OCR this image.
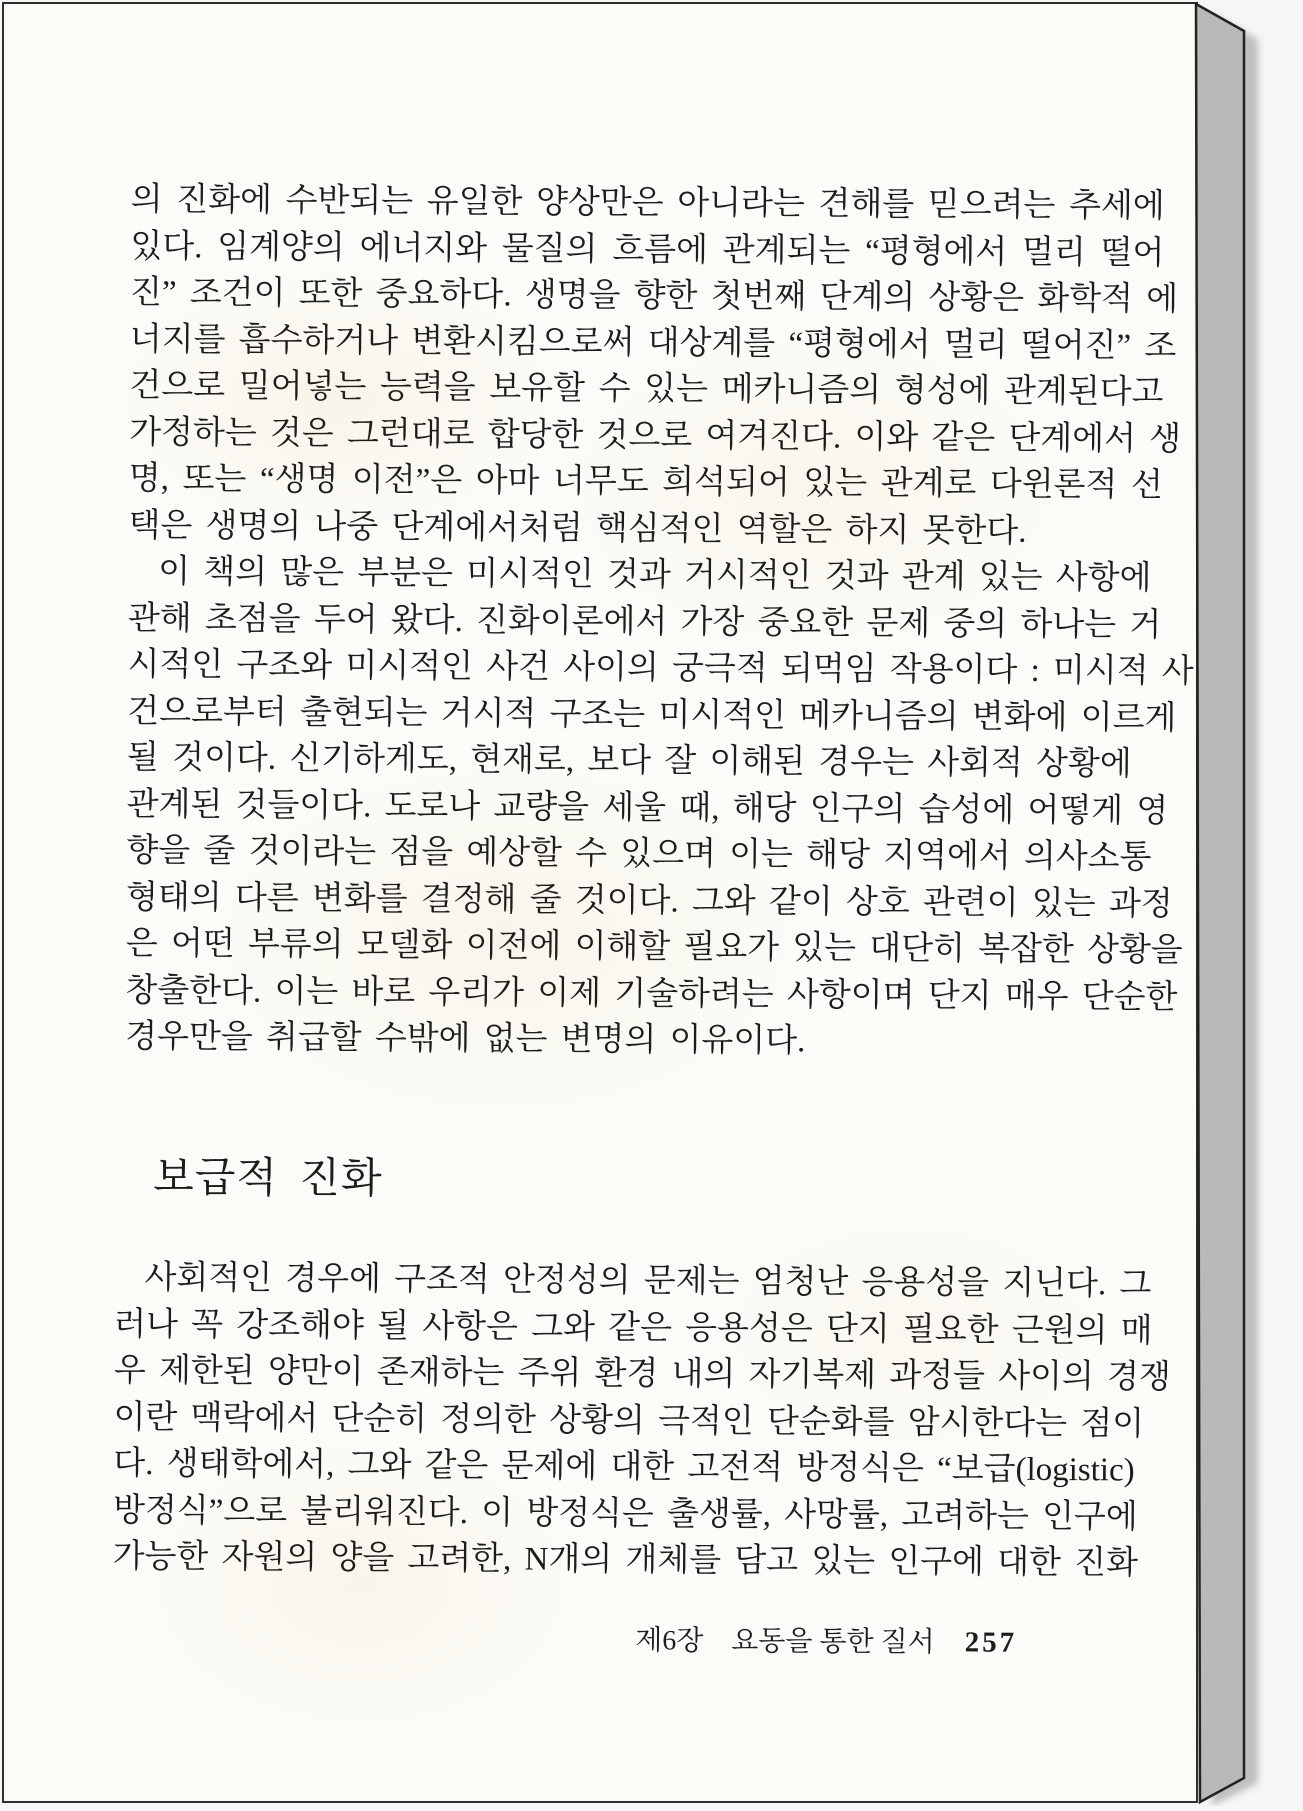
의 진화에 수반되는 유일한 양상만은 아니라는 견해를 믿으려는 추세에
있다. 임계양의 에너지와 물질의 흐름에 관계되는 “평형에서 멀리 떨어
진” 조건이 또한 중요하다. 생명을 향한 첫번째 단계의 상황은 화학적 에
너지를 흡수하거나 변환시킴으로써 대상계를 “평형에서 멀리 떨어진” 조
건으로 밀어넣는 능력을 보유할 수 있는 메카니즘의 형성에 관계된다고
가정하는 것은 그런대로 합당한 것으로 여겨진다. 이와 같은 단계에서 생
명, 또는 “생명 이전”은 아마 너무도 희석되어 있는 관계로 다윈론적 선
택은 생명의 나중 단계에서처럼 핵심적인 역할은 하지 못한다.
이 책의 많은 부분은 미시적인 것과 거시적인 것과 관계 있는 사항에
관해 초점을 두어 왔다. 진화이론에서 가장 중요한 문제 중의 하나는 거
시적인 구조와 미시적인 사건 사이의 궁극적 되먹임 작용이다 : 미시적 사
건으로부터 출현되는 거시적 구조는 미시적인 메카니즘의 변화에 이르게
될 것이다. 신기하게도, 현재로, 보다 잘 이해된 경우는 사회적 상황에
관계된 것들이다. 도로나 교량을 세울 때, 해당 인구의 습성에 어떻게 영
향을 줄 것이라는 점을 예상할 수 있으며 이는 해당 지역에서 의사소통
형태의 다른 변화를 결정해 줄 것이다. 그와 같이 상호 관련이 있는 과정
은 어떤 부류의 모델화 이전에 이해할 필요가 있는 대단히 복잡한 상황을
창출한다. 이는 바로 우리가 이제 기술하려는 사항이며 단지 매우 단순한
경우만을 취급할 수밖에 없는 변명의 이유이다.
보급적 진화
사회적인 경우에 구조적 안정성의 문제는 엄청난 응용성을 지닌다. 그
러나 꼭 강조해야 될 사항은 그와 같은 응용성은 단지 필요한 근원의 매
우 제한된 양만이 존재하는 주위 환경 내의 자기복제 과정들 사이의 경쟁
이란 맥락에서 단순히 정의한 상황의 극적인 단순화를 암시한다는 점이
다. 생태학에서, 그와 같은 문제에 대한 고전적 방정식은 “보급(logistic)
방정식”으로 불리워진다. 이 방정식은 출생률, 사망률, 고려하는 인구에
가능한 자원의 양을 고려한, N개의 개체를 담고 있는 인구에 대한 진화
제6장 요동을 통한 질서 257
